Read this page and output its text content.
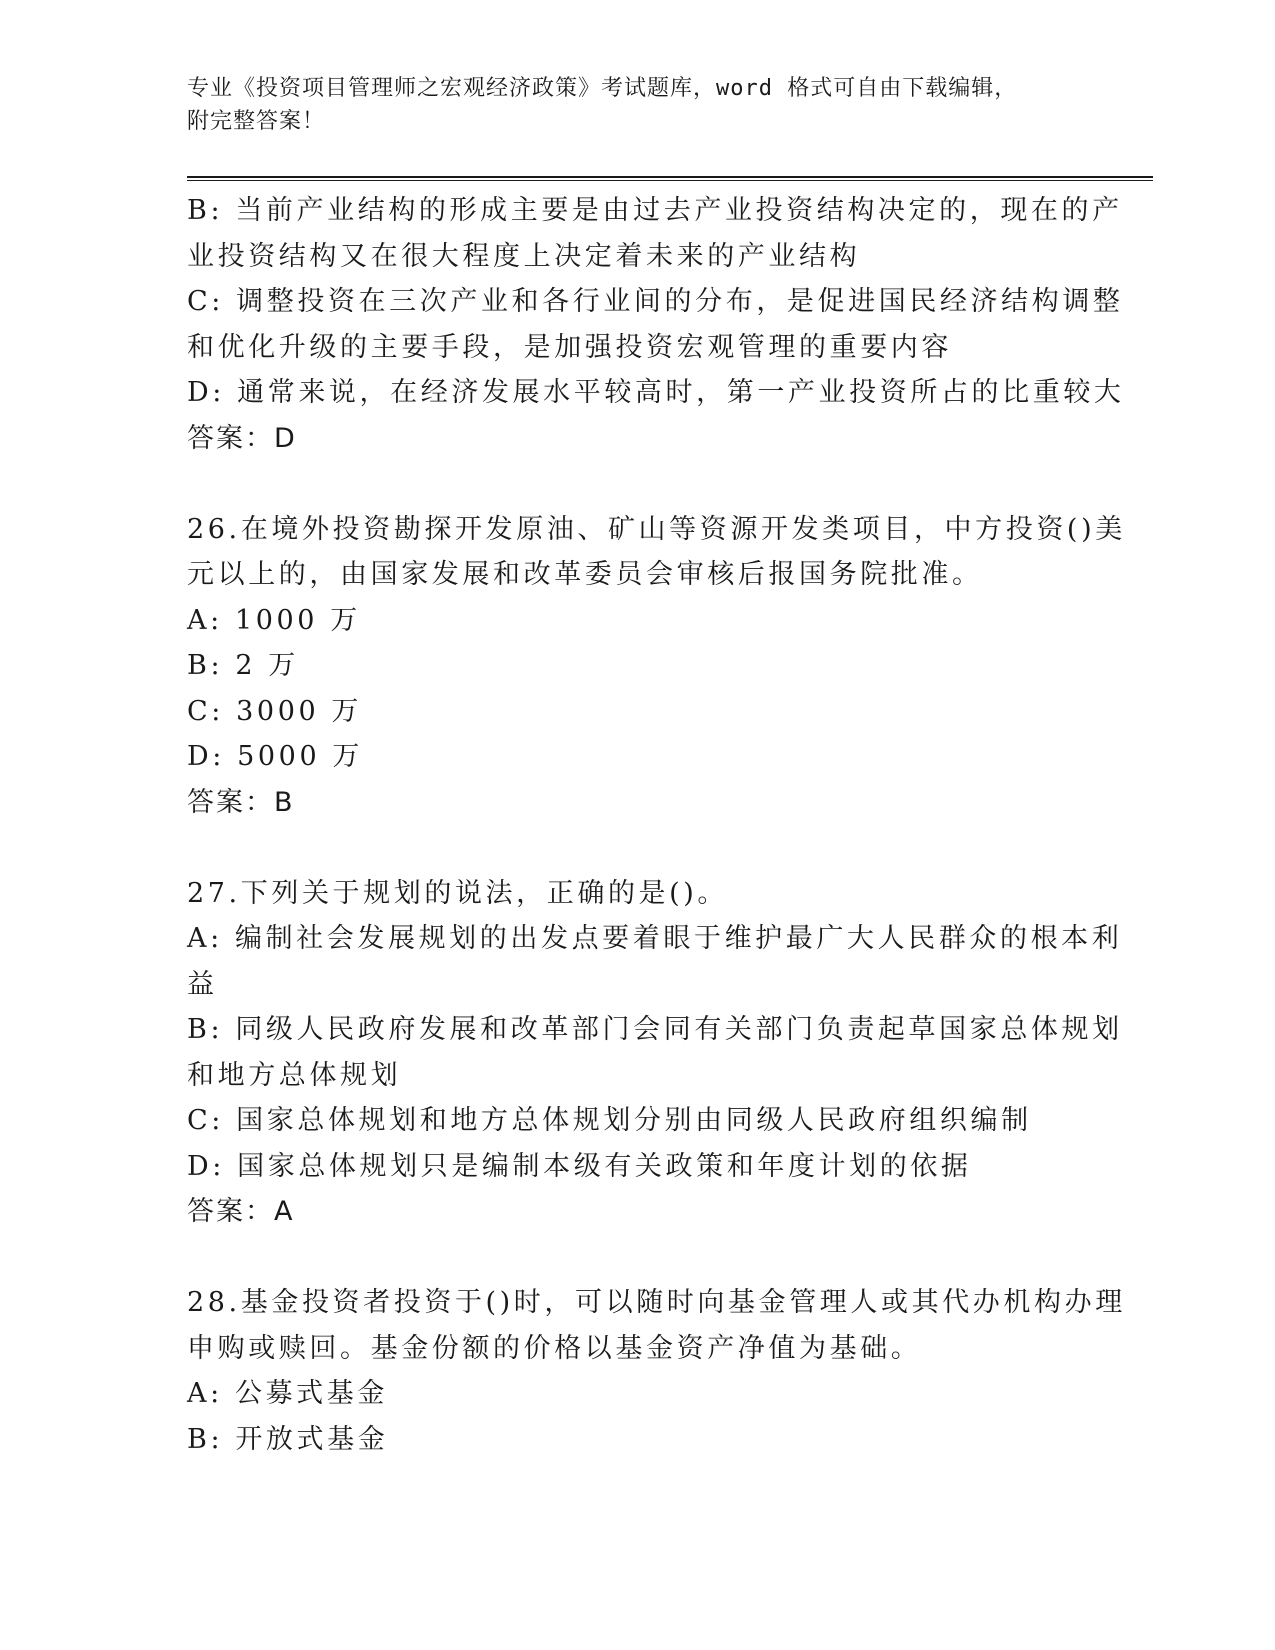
专业《投资项目管理师之宏观经济政策》考试题库，word 格式可自由下载编辑，
附完整答案！
B: 当前产业结构的形成主要是由过去产业投资结构决定的，现在的产
业投资结构又在很大程度上决定着未来的产业结构
C: 调整投资在三次产业和各行业间的分布，是促进国民经济结构调整
和优化升级的主要手段，是加强投资宏观管理的重要内容
D: 通常来说，在经济发展水平较高时，第一产业投资所占的比重较大
答案：D
26.在境外投资勘探开发原油、矿山等资源开发类项目，中方投资()美
元以上的，由国家发展和改革委员会审核后报国务院批准。
A: 1000 万
B: 2 万
C: 3000 万
D: 5000 万
答案：B
27.下列关于规划的说法，正确的是()。
A: 编制社会发展规划的出发点要着眼于维护最广大人民群众的根本利
益
B: 同级人民政府发展和改革部门会同有关部门负责起草国家总体规划
和地方总体规划
C: 国家总体规划和地方总体规划分别由同级人民政府组织编制
D: 国家总体规划只是编制本级有关政策和年度计划的依据
答案：A
28.基金投资者投资于()时，可以随时向基金管理人或其代办机构办理
申购或赎回。基金份额的价格以基金资产净值为基础。
A: 公募式基金
B: 开放式基金
